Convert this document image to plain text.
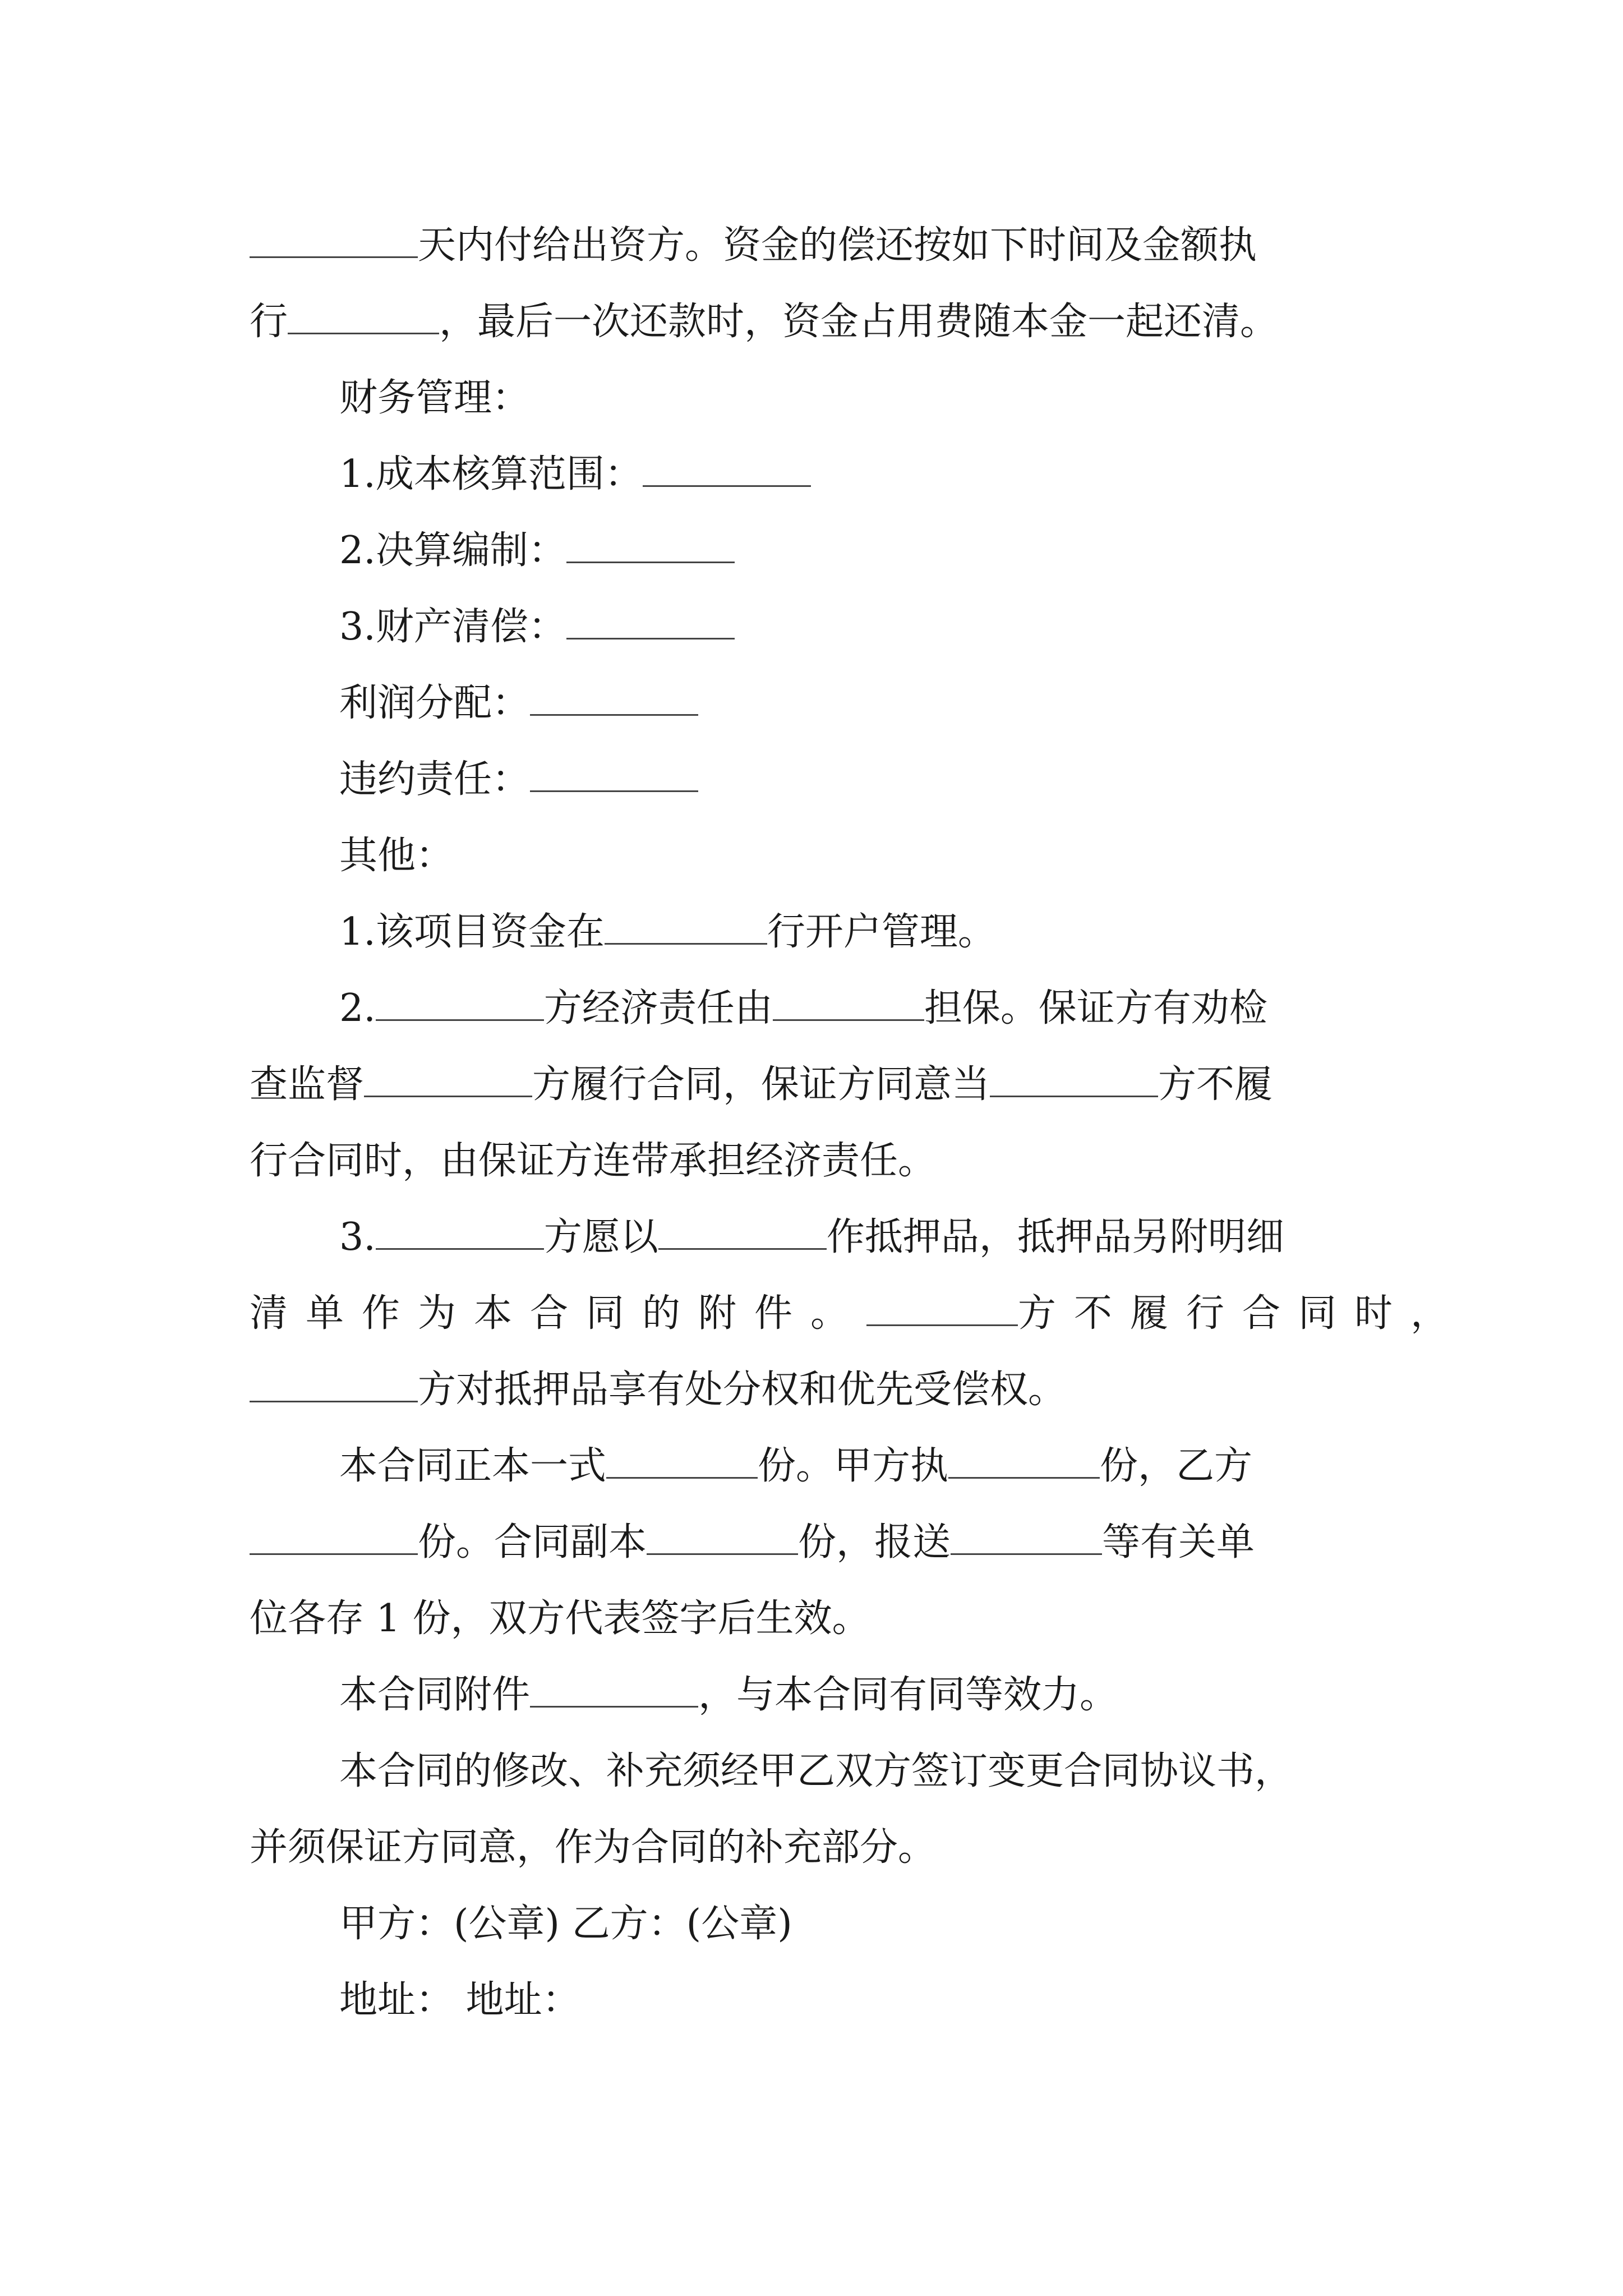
天内付给出资方。资金的偿还按如下时间及金额执

行	，最后一次还款时，资金占用费随本金一起还清。

财务管理：

1.成本核算范围：

2.决算编制：

3.财产清偿：

利润分配：

违约责任：

其他：

1.该项目资金在	行开户管理。

2.	方经济责任由	担保。保证方有劝检

查监督	方履行合同，保证方同意当	方不履

行合同时，由保证方连带承担经济责任。

3.	方愿以	作抵押品，抵押品另附明细

清单作为本合同的附件。	方不履行合同时，

方对抵押品享有处分权和优先受偿权。

本合同正本一式	份。甲方执	份，乙方

份。合同副本	份，报送	等有关单

位各存 1 份，双方代表签字后生效。

本合同附件	，与本合同有同等效力。

本合同的修改、补充须经甲乙双方签订变更合同协议书，

并须保证方同意，作为合同的补充部分。

甲方：(公章) 乙方：(公章)

地址： 地址：
